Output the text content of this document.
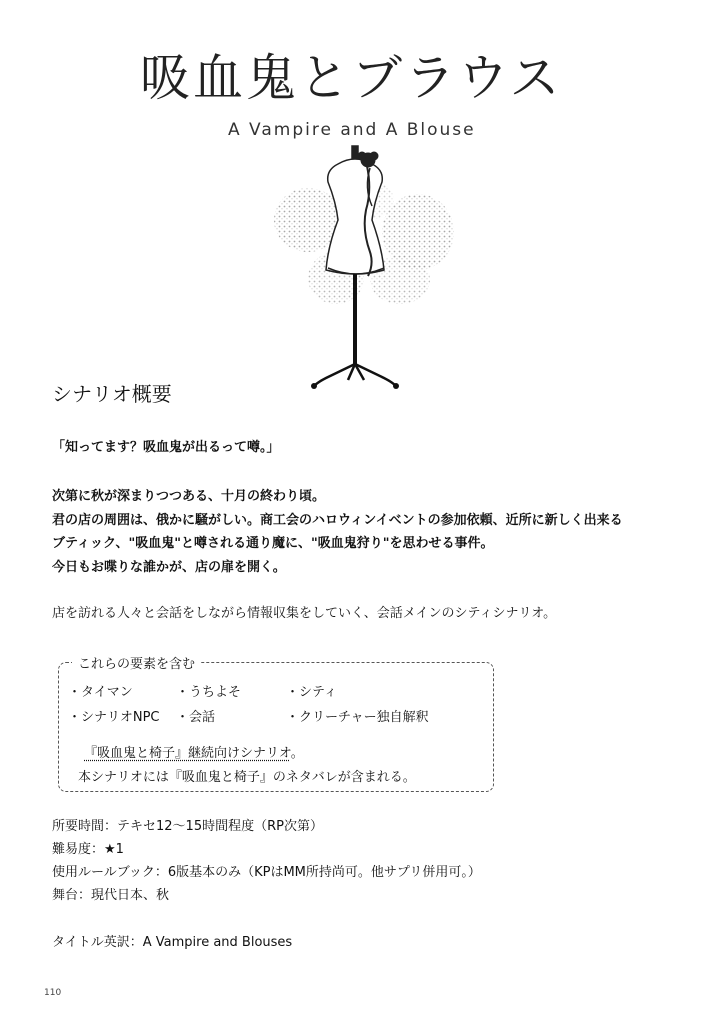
吸血鬼とブラウス
A Vampire and A Blouse
シナリオ概要
「知ってます？吸血鬼が出るって噂。」
次第に秋が深まりつつある、十月の終わり頃。
君の店の周囲は、俄かに騒がしい。商工会のハロウィンイベントの参加依頼、近所に新しく出来る
ブティック、"吸血鬼"と噂される通り魔に、"吸血鬼狩り"を思わせる事件。
今日もお喋りな誰かが、店の扉を開く。
店を訪れる人々と会話をしながら情報収集をしていく、会話メインのシティシナリオ。
これらの要素を含む
・タイマン	・うちよそ	・シティ
・シナリオNPC ・会話	・クリーチャー独自解釈
『吸血鬼と椅子』継続向けシナリオ。
本シナリオには『吸血鬼と椅子』のネタバレが含まれる。
所要時間：テキセ12〜15時間程度（RP次第）
難易度：★1
使用ルールブック：6版基本のみ（KPはMM所持尚可。他サプリ併用可。）
舞台：現代日本、秋
タイトル英訳：A Vampire and Blouses
110
